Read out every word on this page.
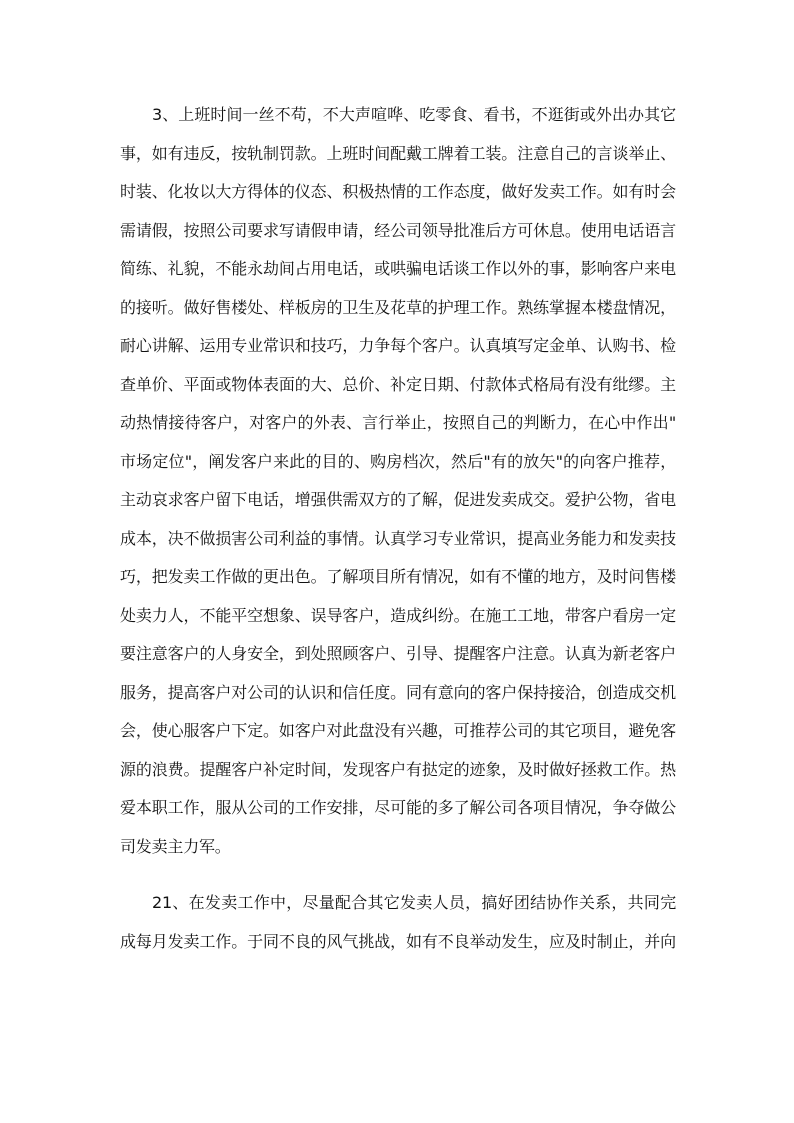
3、上班时间一丝不苟，不大声喧哗、吃零食、看书，不逛街或外出办其它
事，如有违反，按轨制罚款。上班时间配戴工牌着工装。注意自己的言谈举止、
时装、化妆以大方得体的仪态、积极热情的工作态度，做好发卖工作。如有时会
需请假，按照公司要求写请假申请，经公司领导批准后方可休息。使用电话语言
简练、礼貌，不能永劫间占用电话，或哄骗电话谈工作以外的事，影响客户来电
的接听。做好售楼处、样板房的卫生及花草的护理工作。熟练掌握本楼盘情况，
耐心讲解、运用专业常识和技巧，力争每个客户。认真填写定金单、认购书、检
查单价、平面或物体表面的大、总价、补定日期、付款体式格局有没有纰缪。主
动热情接待客户，对客户的外表、言行举止，按照自己的判断力，在心中作出"
市场定位"，阐发客户来此的目的、购房档次，然后"有的放矢"的向客户推荐，
主动哀求客户留下电话，增强供需双方的了解，促进发卖成交。爱护公物，省电
成本，决不做损害公司利益的事情。认真学习专业常识，提高业务能力和发卖技
巧，把发卖工作做的更出色。了解项目所有情况，如有不懂的地方，及时问售楼
处卖力人，不能平空想象、误导客户，造成纠纷。在施工工地，带客户看房一定
要注意客户的人身安全，到处照顾客户、引导、提醒客户注意。认真为新老客户
服务，提高客户对公司的认识和信任度。同有意向的客户保持接洽，创造成交机
会，使心服客户下定。如客户对此盘没有兴趣，可推荐公司的其它项目，避免客
源的浪费。提醒客户补定时间，发现客户有挞定的迹象，及时做好拯救工作。热
爱本职工作，服从公司的工作安排，尽可能的多了解公司各项目情况，争夺做公
司发卖主力军。
21、在发卖工作中，尽量配合其它发卖人员，搞好团结协作关系，共同完
成每月发卖工作。于同不良的风气挑战，如有不良举动发生，应及时制止，并向
